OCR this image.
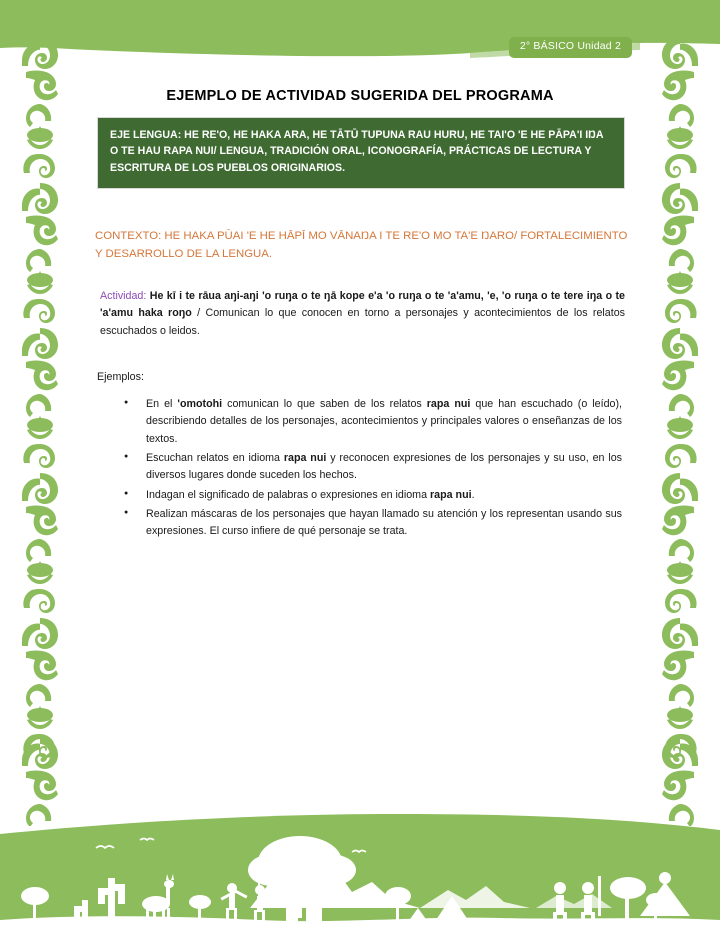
2° BÁSICO Unidad 2
EJEMPLO DE ACTIVIDAD SUGERIDA DEL PROGRAMA
EJE LENGUA: HE RE'O, HE HAKA ARA, HE TĀTŪ TUPUNA RAU HURU, HE TAI'O 'E HE PĀPA'I IŊA O TE HAU RAPA NUI/ LENGUA, TRADICIÓN ORAL, ICONOGRAFÍA, PRÁCTICAS DE LECTURA Y ESCRITURA DE LOS PUEBLOS ORIGINARIOS.
CONTEXTO: HE HAKA PŪAI 'E HE HĀPĪ MO VĀNAŊA I TE RE'O MO TA'E ŊARO/ FORTALECIMIENTO Y DESARROLLO DE LA LENGUA.
Actividad: He kī i te rāua aŋi-aŋi 'o ruŋa o te ŋā kope e'a 'o ruŋa o te 'a'amu, 'e, 'o ruŋa o te tere iŋa o te 'a'amu haka roŋo / Comunican lo que conocen en torno a personajes y acontecimientos de los relatos escuchados o leidos.
Ejemplos:
● En el 'omotohi comunican lo que saben de los relatos rapa nui que han escuchado (o leído), describiendo detalles de los personajes, acontecimientos y principales valores o enseñanzas de los textos.
● Escuchan relatos en idioma rapa nui y reconocen expresiones de los personajes y su uso, en los diversos lugares donde suceden los hechos.
● Indagan el significado de palabras o expresiones en idioma rapa nui.
● Realizan máscaras de los personajes que hayan llamado su atención y los representan usando sus expresiones. El curso infiere de qué personaje se trata.
